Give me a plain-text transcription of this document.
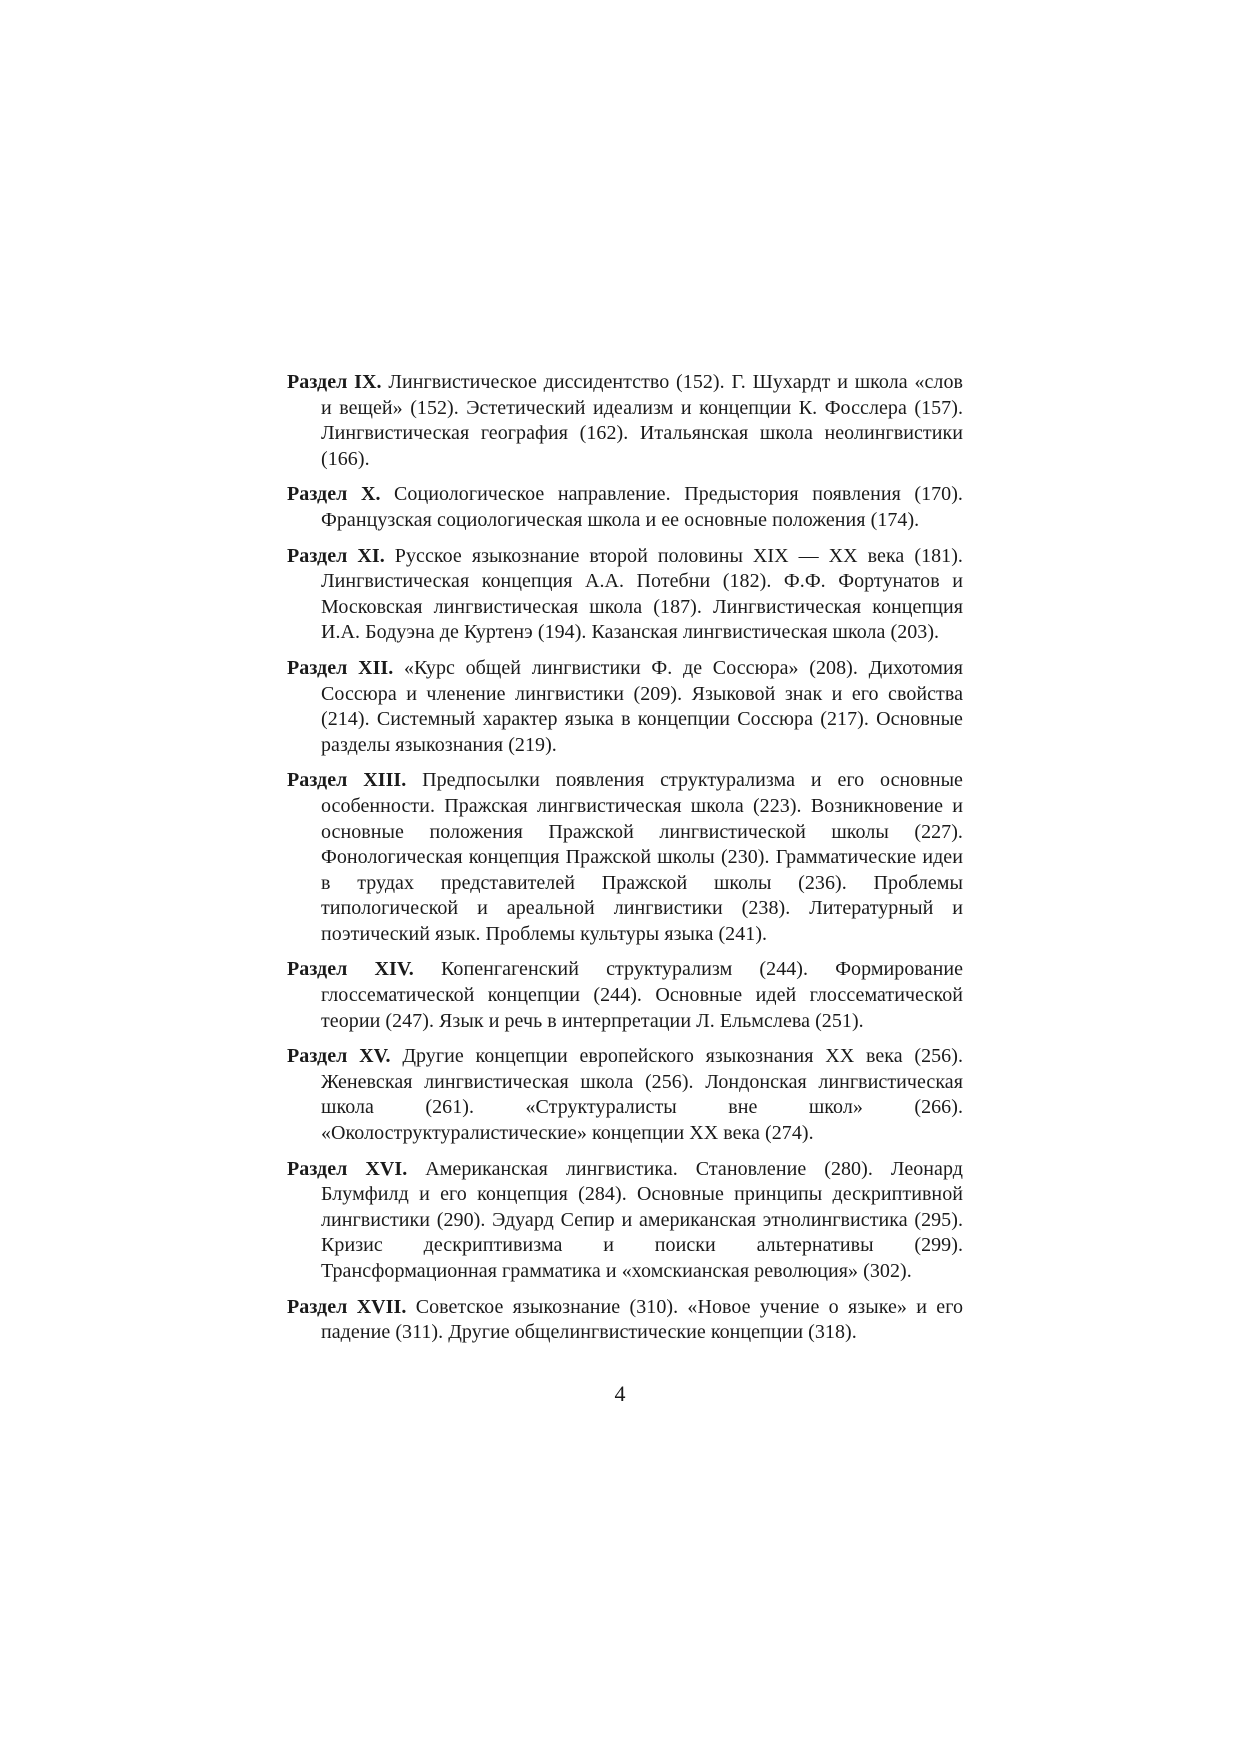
Раздел IX. Лингвистическое диссидентство (152). Г. Шухардт и школа «слов и вещей» (152). Эстетический идеализм и концепции К. Фосслера (157). Лингвистическая география (162). Итальянская школа неолингвистики (166).

Раздел X. Социологическое направление. Предыстория появления (170). Французская социологическая школа и ее основные положения (174).

Раздел XI. Русское языкознание второй половины XIX — XX века (181). Лингвистическая концепция А.А. Потебни (182). Ф.Ф. Фортунатов и Московская лингвистическая школа (187). Лингвистическая концепция И.А. Бодуэна де Куртенэ (194). Казанская лингвистическая школа (203).

Раздел XII. «Курс общей лингвистики Ф. де Соссюра» (208). Дихотомия Соссюра и членение лингвистики (209). Языковой знак и его свойства (214). Системный характер языка в концепции Соссюра (217). Основные разделы языкознания (219).

Раздел XIII. Предпосылки появления структурализма и его основные особенности. Пражская лингвистическая школа (223). Возникновение и основные положения Пражской лингвистической школы (227). Фонологическая концепция Пражской школы (230). Грамматические идеи в трудах представителей Пражской школы (236). Проблемы типологической и ареальной лингвистики (238). Литературный и поэтический язык. Проблемы культуры языка (241).

Раздел XIV. Копенгагенский структурализм (244). Формирование глоссематической концепции (244). Основные идей глоссематической теории (247). Язык и речь в интерпретации Л. Ельмслева (251).

Раздел XV. Другие концепции европейского языкознания XX века (256). Женевская лингвистическая школа (256). Лондонская лингвистическая школа (261). «Структуралисты вне школ» (266). «Околоструктуралистические» концепции XX века (274).

Раздел XVI. Американская лингвистика. Становление (280). Леонард Блумфилд и его концепция (284). Основные принципы дескриптивной лингвистики (290). Эдуард Сепир и американская этнолингвистика (295). Кризис дескриптивизма и поиски альтернативы (299). Трансформационная грамматика и «хомскианская революция» (302).

Раздел XVII. Советское языкознание (310). «Новое учение о языке» и его падение (311). Другие общелингвистические концепции (318).

4
